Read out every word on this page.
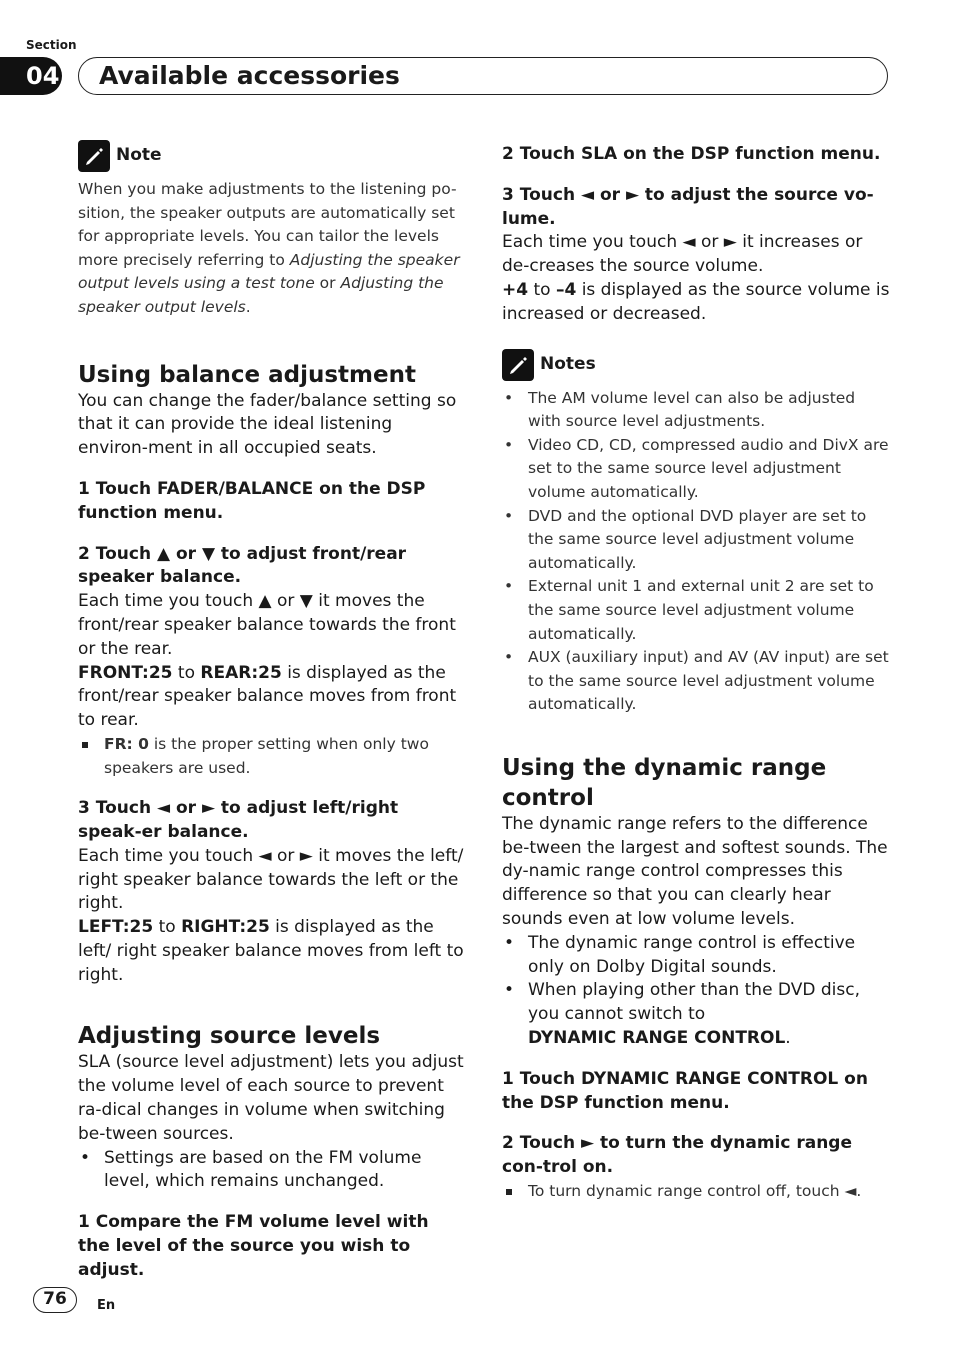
Section
04 Available accessories
Note

When you make adjustments to the listening po-sition, the speaker outputs are automatically set for appropriate levels. You can tailor the levels more precisely referring to Adjusting the speaker output levels using a test tone or Adjusting the speaker output levels.

Using balance adjustment

You can change the fader/balance setting so that it can provide the ideal listening environ-ment in all occupied seats.

1 Touch FADER/BALANCE on the DSP function menu.

2 Touch ▲ or ▼ to adjust front/rear speaker balance.

Each time you touch ▲ or ▼ it moves the front/rear speaker balance towards the front or the rear.

FRONT:25 to REAR:25 is displayed as the front/rear speaker balance moves from front to rear.

FR: 0 is the proper setting when only two speakers are used.

3 Touch ◄ or ► to adjust left/right speak-er balance.

Each time you touch ◄ or ► it moves the left/ right speaker balance towards the left or the right.

LEFT:25 to RIGHT:25 is displayed as the left/ right speaker balance moves from left to right.

Adjusting source levels

SLA (source level adjustment) lets you adjust the volume level of each source to prevent ra-dical changes in volume when switching be-tween sources.

• Settings are based on the FM volume level, which remains unchanged.

1 Compare the FM volume level with the level of the source you wish to adjust.

2 Touch SLA on the DSP function menu.

3 Touch ◄ or ► to adjust the source vo-lume.

Each time you touch ◄ or ► it increases or de-creases the source volume.

+4 to –4 is displayed as the source volume is increased or decreased.

Notes
• The AM volume level can also be adjusted with source level adjustments.
• Video CD, CD, compressed audio and DivX are set to the same source level adjustment volume automatically.
• DVD and the optional DVD player are set to the same source level adjustment volume automatically.
• External unit 1 and external unit 2 are set to the same source level adjustment volume automatically.
• AUX (auxiliary input) and AV (AV input) are set to the same source level adjustment volume automatically.
Using the dynamic range control

The dynamic range refers to the difference be-tween the largest and softest sounds. The dy-namic range control compresses this difference so that you can clearly hear sounds even at low volume levels.

• The dynamic range control is effective only on Dolby Digital sounds.
• When playing other than the DVD disc, you cannot switch to
DYNAMIC RANGE CONTROL.

1 Touch DYNAMIC RANGE CONTROL on the DSP function menu.

2 Touch ► to turn the dynamic range con-trol on.

To turn dynamic range control off, touch ◄.

76	En
